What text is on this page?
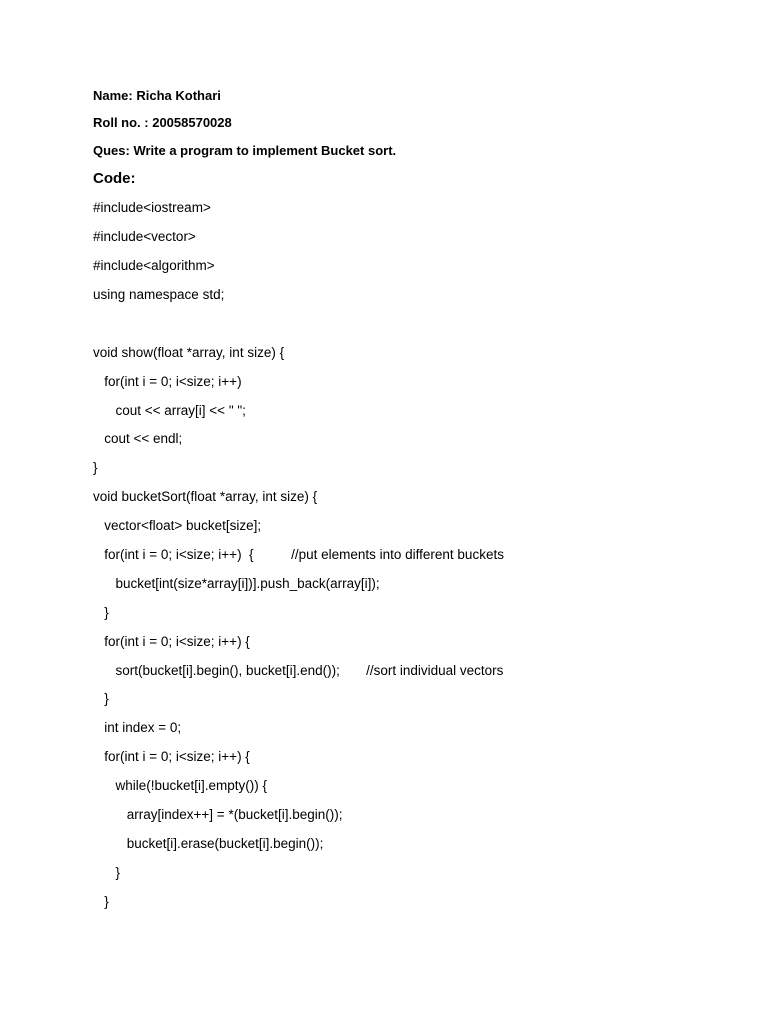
Name: Richa Kothari
Roll no. : 20058570028
Ques: Write a program to implement Bucket sort.
Code:
#include<iostream>
#include<vector>
#include<algorithm>
using namespace std;
void show(float *array, int size) {
for(int i = 0; i<size; i++)
cout << array[i] << " ";
cout << endl;
}
void bucketSort(float *array, int size) {
vector<float> bucket[size];
for(int i = 0; i<size; i++)  {          //put elements into different buckets
bucket[int(size*array[i])].push_back(array[i]);
}
for(int i = 0; i<size; i++) {
sort(bucket[i].begin(), bucket[i].end());       //sort individual vectors
}
int index = 0;
for(int i = 0; i<size; i++) {
while(!bucket[i].empty()) {
array[index++] = *(bucket[i].begin());
bucket[i].erase(bucket[i].begin());
}
}
